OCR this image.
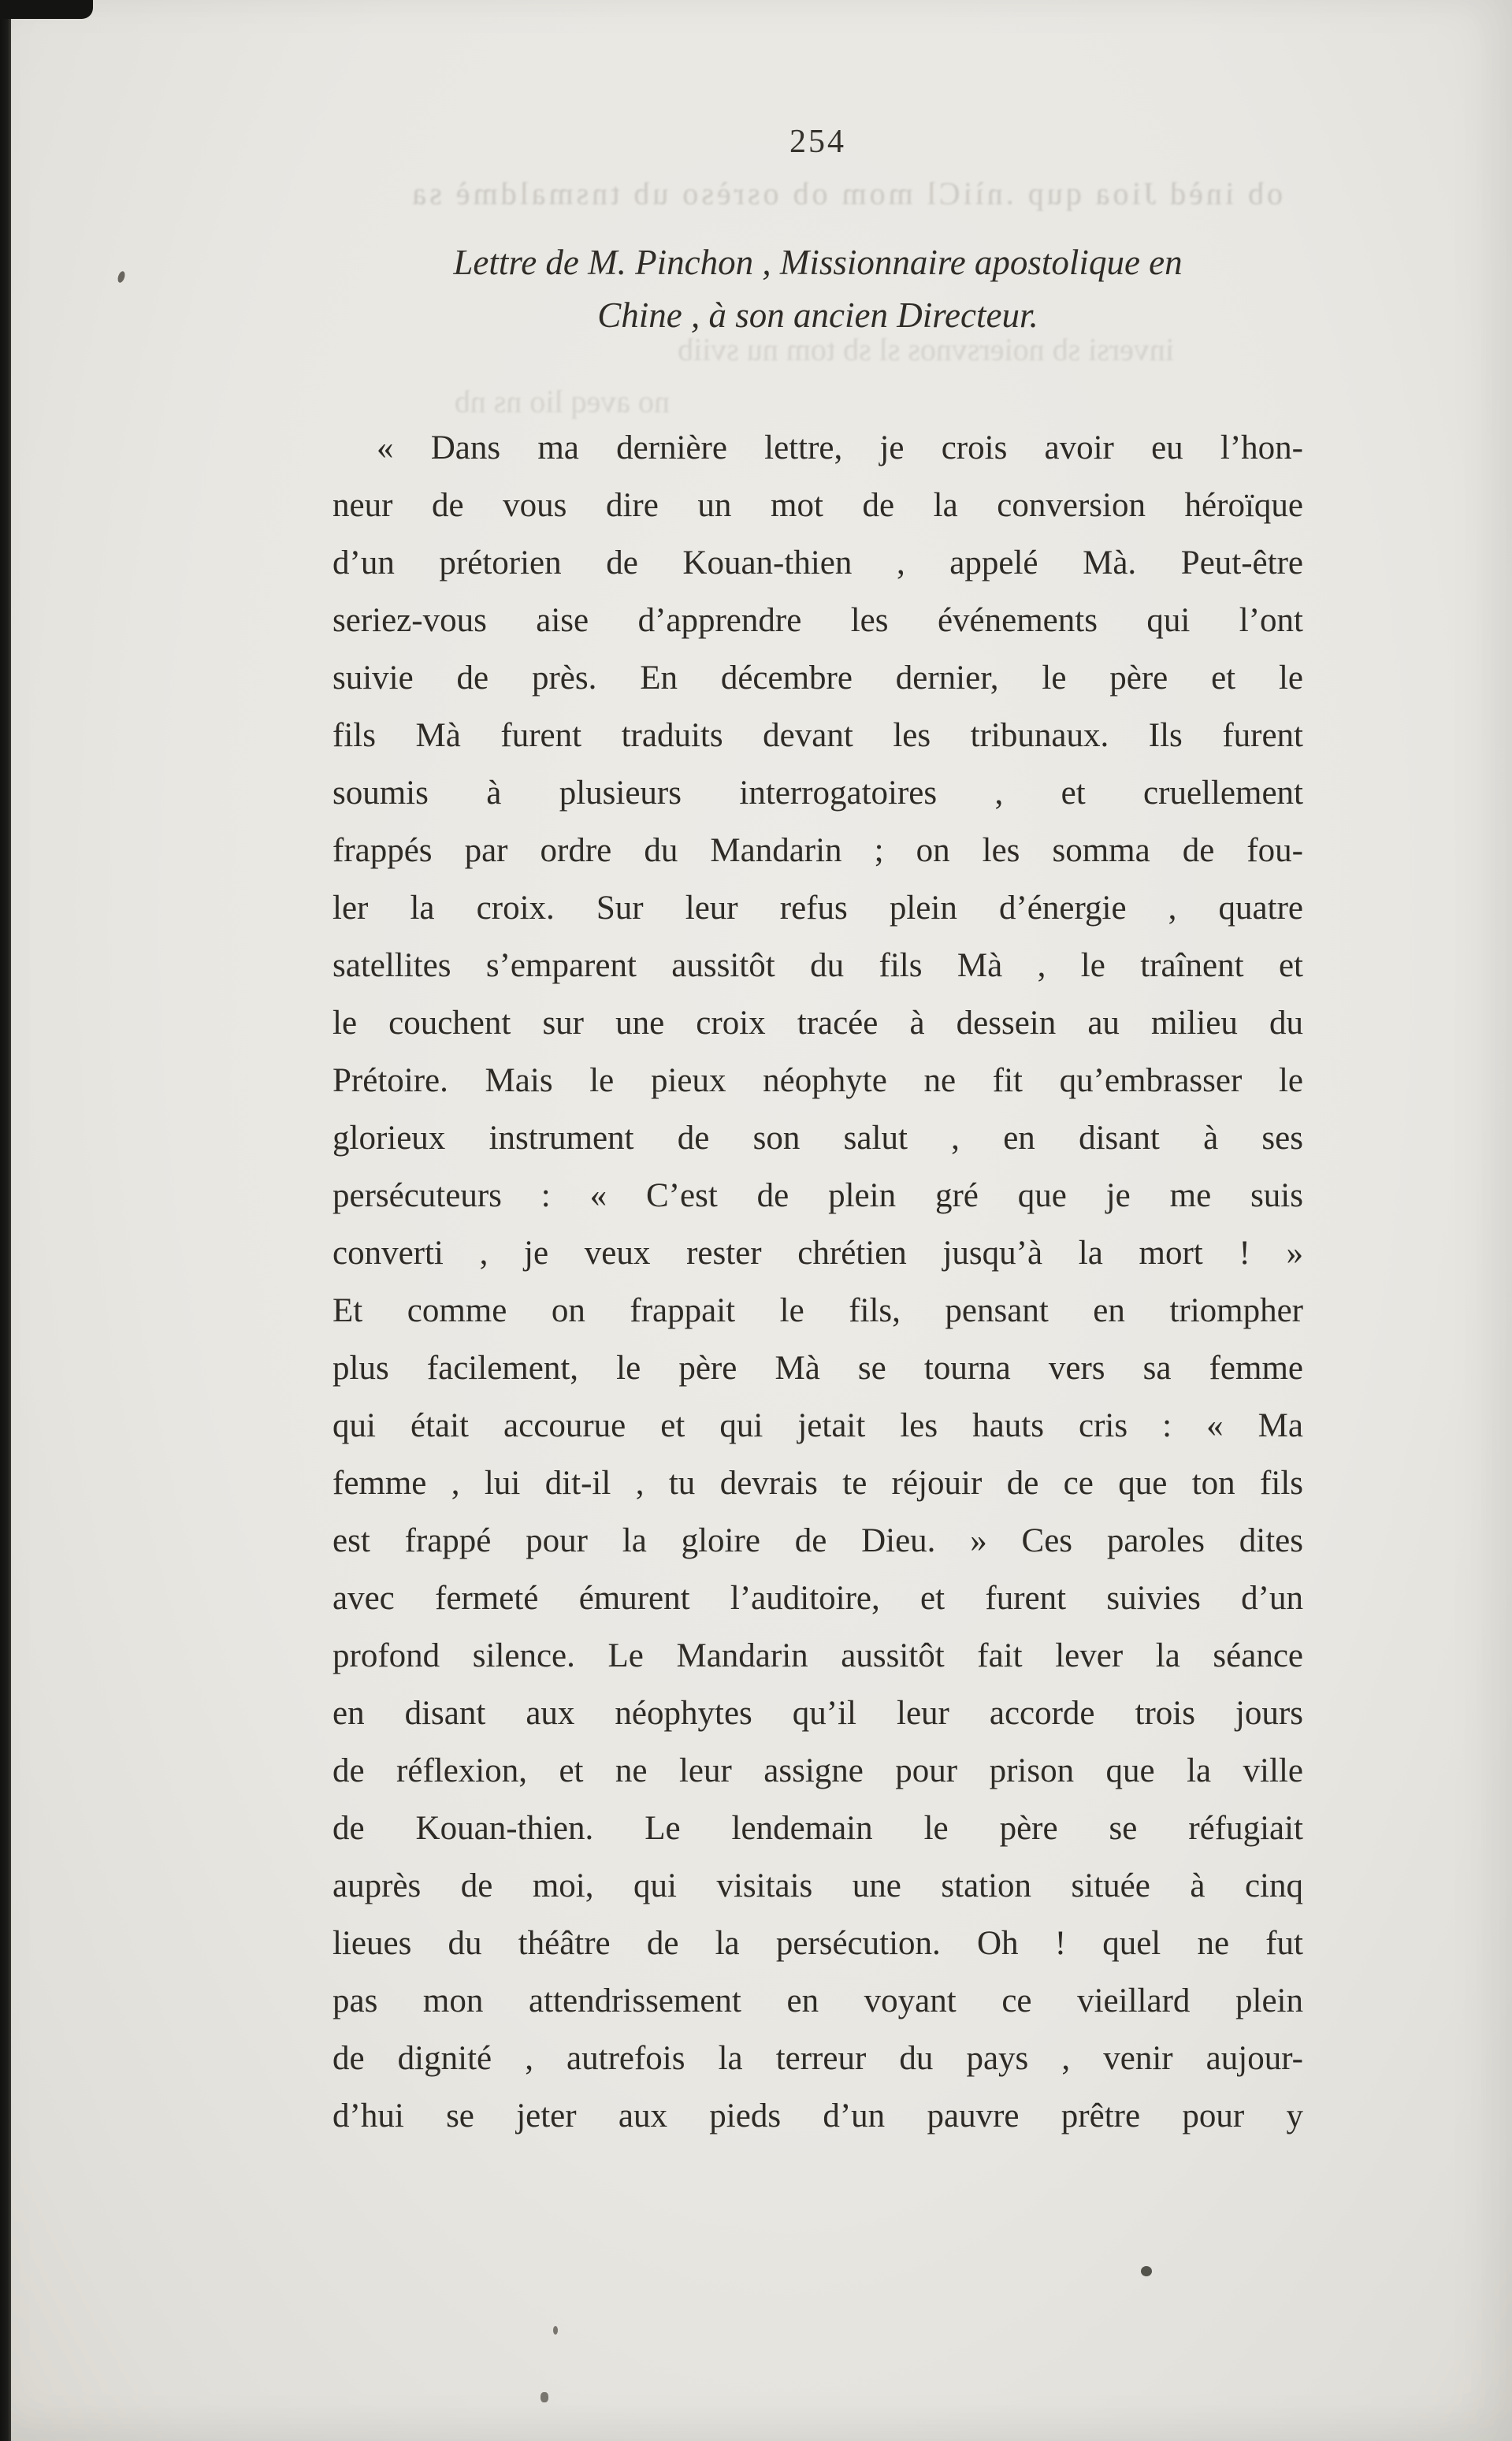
ob inèd Jioa qup .nìiCl mom ob osrèso ub tnsmaldmè sa
inversi sb noiersvnos sl sb tom nu sviib
no aveq lio ns nb
254
Lettre de M. Pinchon , Missionnaire apostolique en
Chine , à son ancien Directeur.
« Dans ma dernière lettre, je crois avoir eu l’hon-
neur de vous dire un mot de la conversion héroïque
d’un prétorien de Kouan-thien , appelé Mà. Peut-être
seriez-vous aise d’apprendre les événements qui l’ont
suivie de près. En décembre dernier, le père et le
fils Mà furent traduits devant les tribunaux. Ils furent
soumis à plusieurs interrogatoires , et cruellement
frappés par ordre du Mandarin ; on les somma de fou-
ler la croix. Sur leur refus plein d’énergie , quatre
satellites s’emparent aussitôt du fils Mà , le traînent et
le couchent sur une croix tracée à dessein au milieu du
Prétoire. Mais le pieux néophyte ne fit qu’embrasser le
glorieux instrument de son salut , en disant à ses
persécuteurs : « C’est de plein gré que je me suis
converti , je veux rester chrétien jusqu’à la mort ! »
Et comme on frappait le fils, pensant en triompher
plus facilement, le père Mà se tourna vers sa femme
qui était accourue et qui jetait les hauts cris : « Ma
femme , lui dit-il , tu devrais te réjouir de ce que ton fils
est frappé pour la gloire de Dieu. » Ces paroles dites
avec fermeté émurent l’auditoire, et furent suivies d’un
profond silence. Le Mandarin aussitôt fait lever la séance
en disant aux néophytes qu’il leur accorde trois jours
de réflexion, et ne leur assigne pour prison que la ville
de Kouan-thien. Le lendemain le père se réfugiait
auprès de moi, qui visitais une station située à cinq
lieues du théâtre de la persécution. Oh ! quel ne fut
pas mon attendrissement en voyant ce vieillard plein
de dignité , autrefois la terreur du pays , venir aujour-
d’hui se jeter aux pieds d’un pauvre prêtre pour y
